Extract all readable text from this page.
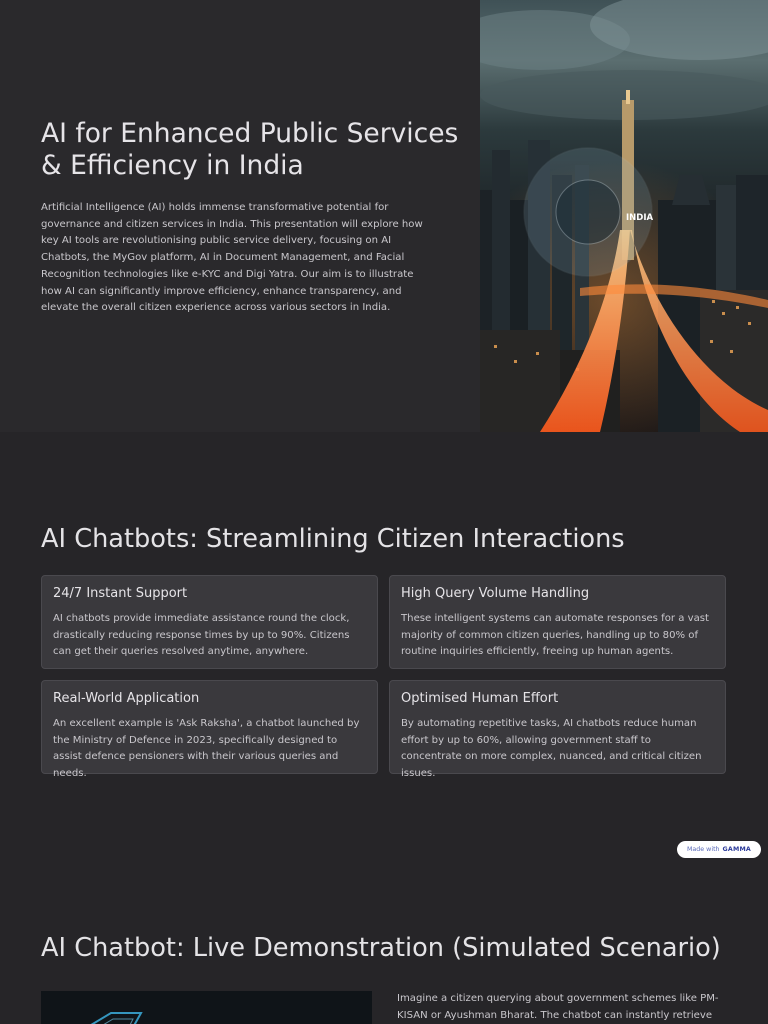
AI for Enhanced Public Services & Efficiency in India

Artificial Intelligence (AI) holds immense transformative potential for governance and citizen services in India. This presentation will explore how key AI tools are revolutionising public service delivery, focusing on AI Chatbots, the MyGov platform, AI in Document Management, and Facial Recognition technologies like e-KYC and Digi Yatra. Our aim is to illustrate how AI can significantly improve efficiency, enhance transparency, and elevate the overall citizen experience across various sectors in India.

INDIA
AI Chatbots: Streamlining Citizen Interactions
24/7 Instant Support
AI chatbots provide immediate assistance round the clock, drastically reducing response times by up to 90%. Citizens can get their queries resolved anytime, anywhere.
High Query Volume Handling
These intelligent systems can automate responses for a vast majority of common citizen queries, handling up to 80% of routine inquiries efficiently, freeing up human agents.
Real-World Application
An excellent example is 'Ask Raksha', a chatbot launched by the Ministry of Defence in 2023, specifically designed to assist defence pensioners with their various queries and needs.
Optimised Human Effort
By automating repetitive tasks, AI chatbots reduce human effort by up to 60%, allowing government staff to concentrate on more complex, nuanced, and critical citizen issues.
Made with GAMMA
AI Chatbot: Live Demonstration (Simulated Scenario)

Imagine a citizen querying about government schemes like PM-KISAN or Ayushman Bharat. The chatbot can instantly retrieve
